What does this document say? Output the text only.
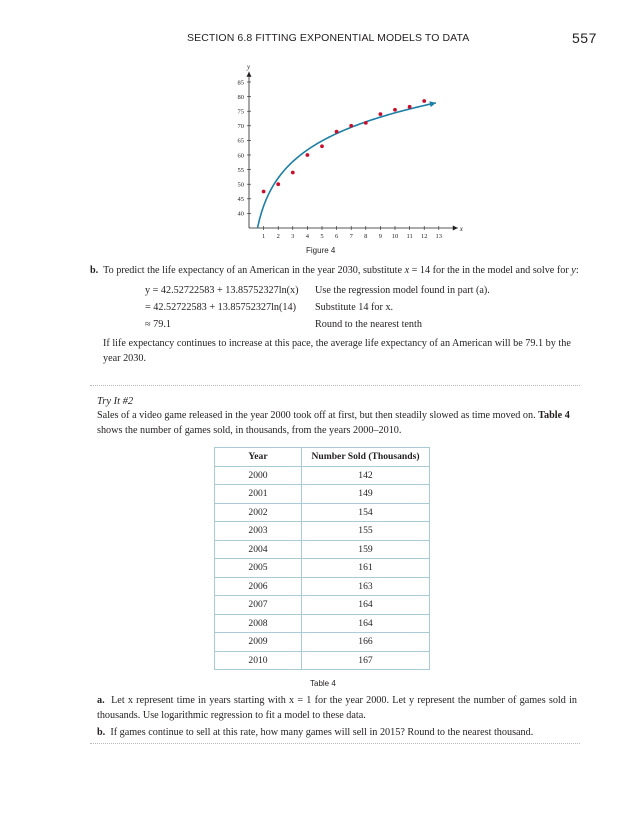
SECTION 6.8 FITTING EXPONENTIAL MODELS TO DATA	557
x
y
1 2 3 4 5 6 7 8 9 10 11 12 13
40
45
50
55
60
65
70
75
80
85
Figure 4
b. To predict the life expectancy of an American in the year 2030, substitute x = 14 for the in the model and solve for y:
y = 42.52722583 + 13.85752327ln(x) Use the regression model found in part (a).
= 42.52722583 + 13.85752327ln(14) Substitute 14 for x.
≈ 79.1	Round to the nearest tenth
If life expectancy continues to increase at this pace, the average life expectancy of an American will be 79.1 by the year 2030.
Try It #2
Sales of a video game released in the year 2000 took off at first, but then steadily slowed as time moved on. Table 4 shows the number of games sold, in thousands, from the years 2000–2010.
Year	Number Sold (Thousands)
2000	142
2001	149
2002	154
2003	155
2004	159
2005	161
2006	163
2007	164
2008	164
2009	166
2010	167
Table 4
a. Let x represent time in years starting with x = 1 for the year 2000. Let y represent the number of games sold in thousands. Use logarithmic regression to fit a model to these data.
b. If games continue to sell at this rate, how many games will sell in 2015? Round to the nearest thousand.
